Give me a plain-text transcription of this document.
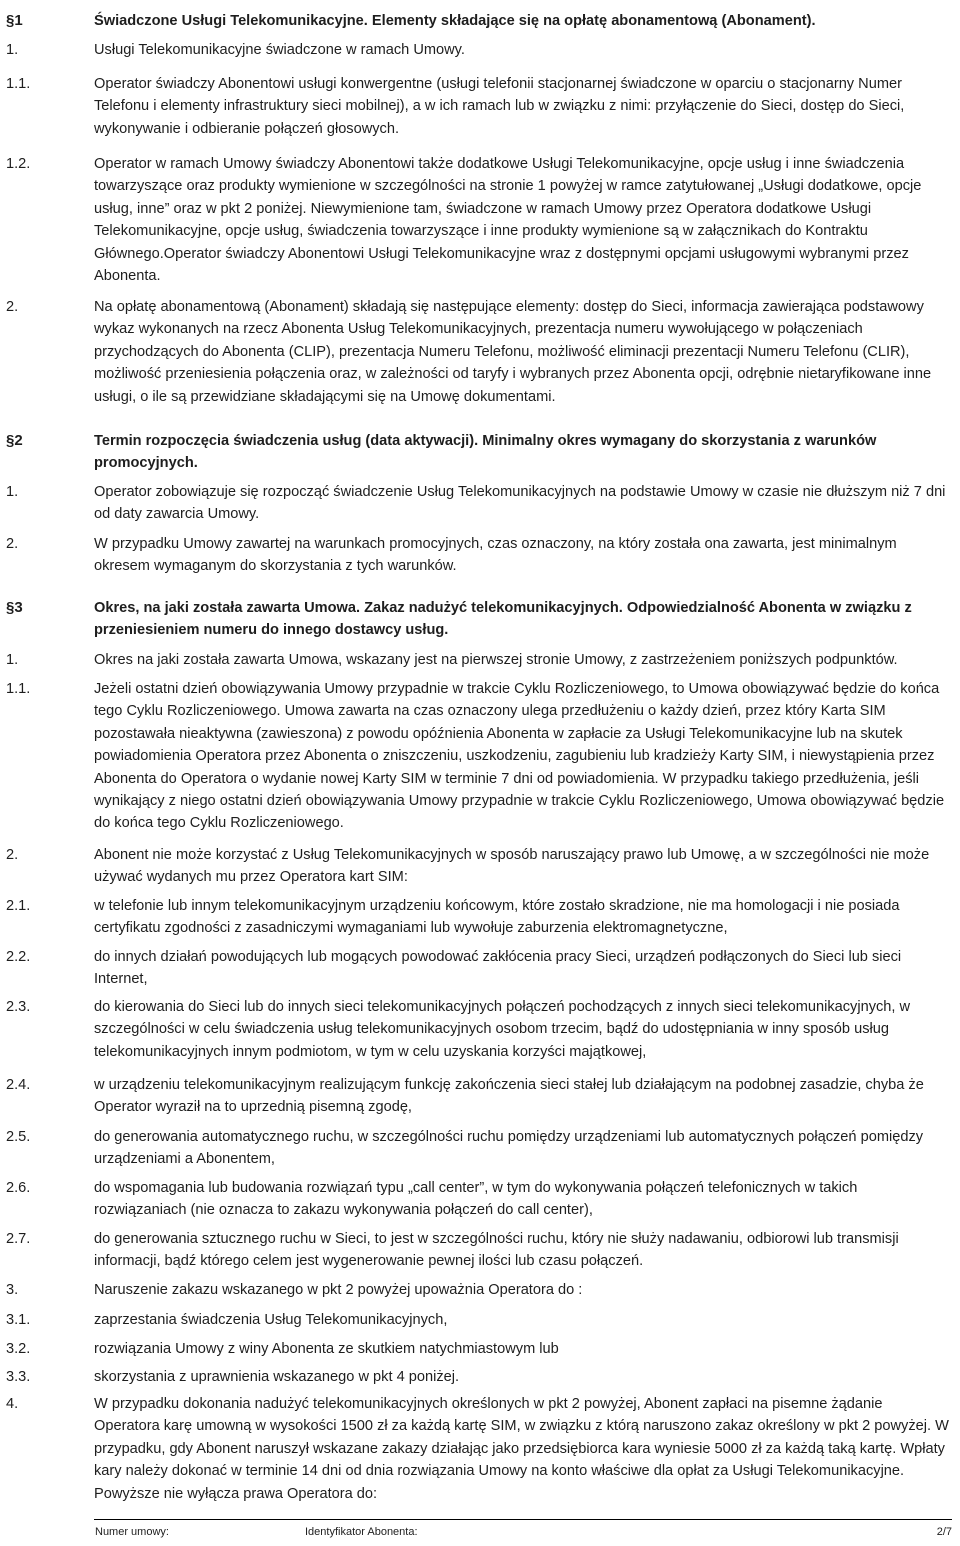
§1	Świadczone Usługi Telekomunikacyjne. Elementy składające się na opłatę abonamentową (Abonament).
1.	Usługi Telekomunikacyjne świadczone w ramach Umowy.
1.1.	Operator świadczy Abonentowi usługi konwergentne (usługi telefonii stacjonarnej świadczone w oparciu o stacjonarny Numer Telefonu i elementy infrastruktury sieci mobilnej), a w ich ramach lub w związku z nimi: przyłączenie do Sieci, dostęp do Sieci, wykonywanie i odbieranie połączeń głosowych.
1.2.	Operator w ramach Umowy świadczy Abonentowi także dodatkowe Usługi Telekomunikacyjne, opcje usług i inne świadczenia towarzyszące oraz produkty wymienione w szczególności na stronie 1 powyżej w ramce zatytułowanej „Usługi dodatkowe, opcje usług, inne” oraz w pkt 2 poniżej. Niewymienione tam, świadczone w ramach Umowy przez Operatora dodatkowe Usługi Telekomunikacyjne, opcje usług, świadczenia towarzyszące i inne produkty wymienione są w załącznikach do Kontraktu Głównego.Operator świadczy Abonentowi Usługi Telekomunikacyjne wraz z dostępnymi opcjami usługowymi wybranymi przez Abonenta.
2.	Na opłatę abonamentową (Abonament) składają się następujące elementy: dostęp do Sieci, informacja zawierająca podstawowy wykaz wykonanych na rzecz Abonenta Usług Telekomunikacyjnych, prezentacja numeru wywołującego w połączeniach przychodzących do Abonenta (CLIP), prezentacja Numeru Telefonu, możliwość eliminacji prezentacji Numeru Telefonu (CLIR), możliwość przeniesienia połączenia oraz, w zależności od taryfy i wybranych przez Abonenta opcji, odrębnie nietaryfikowane inne usługi, o ile są przewidziane składającymi się na Umowę dokumentami.
§2	Termin rozpoczęcia świadczenia usług (data aktywacji). Minimalny okres wymagany do skorzystania z warunków promocyjnych.
1.	Operator zobowiązuje się rozpocząć świadczenie Usług Telekomunikacyjnych na podstawie Umowy w czasie nie dłuższym niż 7 dni od daty zawarcia Umowy.
2.	W przypadku Umowy zawartej na warunkach promocyjnych, czas oznaczony, na który została ona zawarta, jest minimalnym okresem wymaganym do skorzystania z tych warunków.
§3	Okres, na jaki została zawarta Umowa. Zakaz nadużyć telekomunikacyjnych. Odpowiedzialność Abonenta w związku z przeniesieniem numeru do innego dostawcy usług.
1.	Okres na jaki została zawarta Umowa, wskazany jest na pierwszej stronie Umowy, z zastrzeżeniem poniższych podpunktów.
1.1.	Jeżeli ostatni dzień obowiązywania Umowy przypadnie w trakcie Cyklu Rozliczeniowego, to Umowa obowiązywać będzie do końca tego Cyklu Rozliczeniowego. Umowa zawarta na czas oznaczony ulega przedłużeniu o każdy dzień, przez który Karta SIM pozostawała nieaktywna (zawieszona) z powodu opóźnienia Abonenta w zapłacie za Usługi Telekomunikacyjne lub na skutek powiadomienia Operatora przez Abonenta o zniszczeniu, uszkodzeniu, zagubieniu lub kradzieży Karty SIM, i niewystąpienia przez Abonenta do Operatora o wydanie nowej Karty SIM w terminie 7 dni od powiadomienia. W przypadku takiego przedłużenia, jeśli wynikający z niego ostatni dzień obowiązywania Umowy przypadnie w trakcie Cyklu Rozliczeniowego, Umowa obowiązywać będzie do końca tego Cyklu Rozliczeniowego.
2.	Abonent nie może korzystać z Usług Telekomunikacyjnych w sposób naruszający prawo lub Umowę, a w szczególności nie może używać wydanych mu przez Operatora kart SIM:
2.1.	w telefonie lub innym telekomunikacyjnym urządzeniu końcowym, które zostało skradzione, nie ma homologacji i nie posiada certyfikatu zgodności z zasadniczymi wymaganiami lub wywołuje zaburzenia elektromagnetyczne,
2.2.	do innych działań powodujących lub mogących powodować zakłócenia pracy Sieci, urządzeń podłączonych do Sieci lub sieci Internet,
2.3.	do kierowania do Sieci lub do innych sieci telekomunikacyjnych połączeń pochodzących z innych sieci telekomunikacyjnych, w szczególności w celu świadczenia usług telekomunikacyjnych osobom trzecim, bądź do udostępniania w inny sposób usług telekomunikacyjnych innym podmiotom, w tym w celu uzyskania korzyści majątkowej,
2.4.	w urządzeniu telekomunikacyjnym realizującym funkcję zakończenia sieci stałej lub działającym na podobnej zasadzie, chyba że Operator wyraził na to uprzednią pisemną zgodę,
2.5.	do generowania automatycznego ruchu, w szczególności ruchu pomiędzy urządzeniami lub automatycznych połączeń pomiędzy urządzeniami a Abonentem,
2.6.	do wspomagania lub budowania rozwiązań typu „call center”, w tym do wykonywania połączeń telefonicznych w takich rozwiązaniach (nie oznacza to zakazu wykonywania połączeń do call center),
2.7.	do generowania sztucznego ruchu w Sieci, to jest w szczególności ruchu, który nie służy nadawaniu, odbiorowi lub transmisji informacji, bądź którego celem jest wygenerowanie pewnej ilości lub czasu połączeń.
3.	Naruszenie zakazu wskazanego w pkt 2 powyżej upoważnia Operatora do :
3.1.	zaprzestania świadczenia Usług Telekomunikacyjnych,
3.2.	rozwiązania Umowy z winy Abonenta ze skutkiem natychmiastowym lub
3.3.	skorzystania z uprawnienia wskazanego w pkt 4 poniżej.
4.	W przypadku dokonania nadużyć telekomunikacyjnych określonych w pkt 2 powyżej, Abonent zapłaci na pisemne żądanie Operatora karę umowną w wysokości 1500 zł za każdą kartę SIM, w związku z którą naruszono zakaz określony w pkt 2 powyżej. W przypadku, gdy Abonent naruszył wskazane zakazy działając jako przedsiębiorca kara wyniesie 5000 zł za każdą taką kartę. Wpłaty kary należy dokonać w terminie 14 dni od dnia rozwiązania Umowy na konto właściwe dla opłat za Usługi Telekomunikacyjne. Powyższe nie wyłącza prawa Operatora do:
Numer umowy:	Identyfikator Abonenta:	2/7
